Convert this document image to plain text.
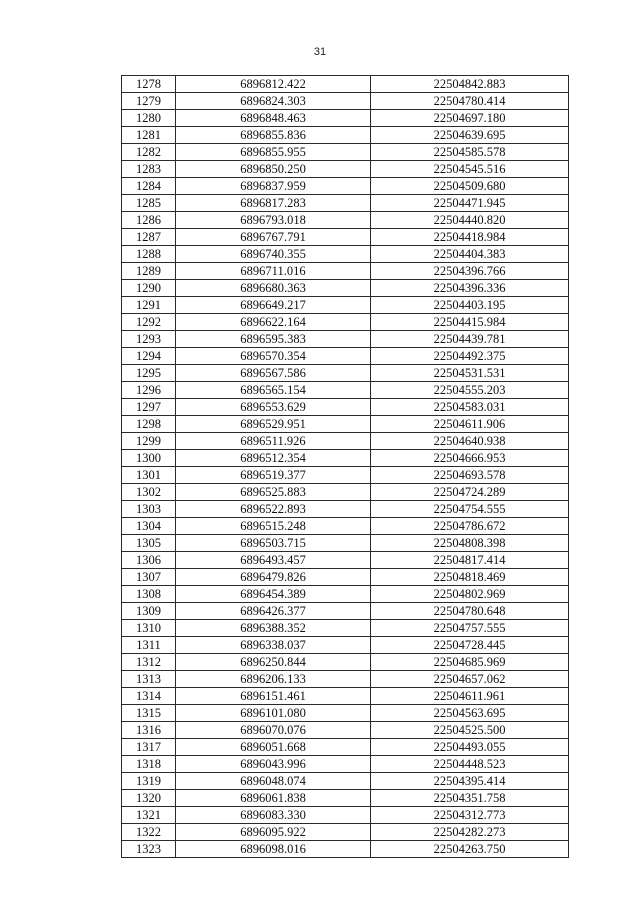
31
1278	6896812.422	22504842.883
1279	6896824.303	22504780.414
1280	6896848.463	22504697.180
1281	6896855.836	22504639.695
1282	6896855.955	22504585.578
1283	6896850.250	22504545.516
1284	6896837.959	22504509.680
1285	6896817.283	22504471.945
1286	6896793.018	22504440.820
1287	6896767.791	22504418.984
1288	6896740.355	22504404.383
1289	6896711.016	22504396.766
1290	6896680.363	22504396.336
1291	6896649.217	22504403.195
1292	6896622.164	22504415.984
1293	6896595.383	22504439.781
1294	6896570.354	22504492.375
1295	6896567.586	22504531.531
1296	6896565.154	22504555.203
1297	6896553.629	22504583.031
1298	6896529.951	22504611.906
1299	6896511.926	22504640.938
1300	6896512.354	22504666.953
1301	6896519.377	22504693.578
1302	6896525.883	22504724.289
1303	6896522.893	22504754.555
1304	6896515.248	22504786.672
1305	6896503.715	22504808.398
1306	6896493.457	22504817.414
1307	6896479.826	22504818.469
1308	6896454.389	22504802.969
1309	6896426.377	22504780.648
1310	6896388.352	22504757.555
1311	6896338.037	22504728.445
1312	6896250.844	22504685.969
1313	6896206.133	22504657.062
1314	6896151.461	22504611.961
1315	6896101.080	22504563.695
1316	6896070.076	22504525.500
1317	6896051.668	22504493.055
1318	6896043.996	22504448.523
1319	6896048.074	22504395.414
1320	6896061.838	22504351.758
1321	6896083.330	22504312.773
1322	6896095.922	22504282.273
1323	6896098.016	22504263.750
